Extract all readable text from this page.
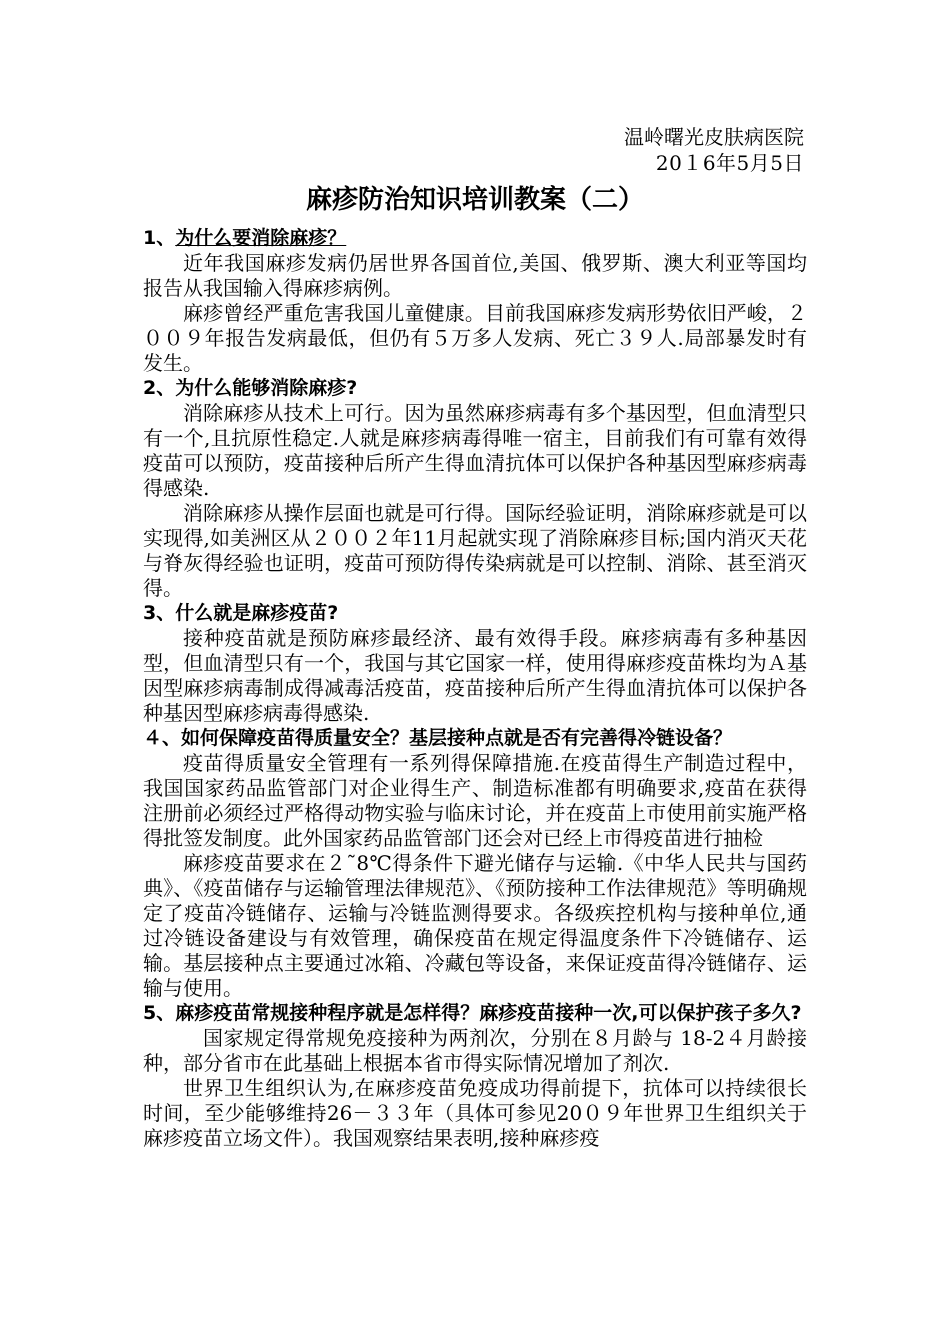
温岭曙光皮肤病医院
20１6年5月5日
麻疹防治知识培训教案（二）

1、为什么要消除麻疹？

近年我国麻疹发病仍居世界各国首位,美国、俄罗斯、澳大利亚等国均报告从我国输入得麻疹病例。

麻疹曾经严重危害我国儿童健康。目前我国麻疹发病形势依旧严峻，２００９年报告发病最低，但仍有５万多人发病、死亡３９人.局部暴发时有发生。

2、为什么能够消除麻疹?

消除麻疹从技术上可行。因为虽然麻疹病毒有多个基因型，但血清型只有一个,且抗原性稳定.人就是麻疹病毒得唯一宿主，目前我们有可靠有效得疫苗可以预防，疫苗接种后所产生得血清抗体可以保护各种基因型麻疹病毒得感染.

消除麻疹从操作层面也就是可行得。国际经验证明，消除麻疹就是可以实现得,如美洲区从２００２年11月起就实现了消除麻疹目标;国内消灭天花与脊灰得经验也证明，疫苗可预防得传染病就是可以控制、消除、甚至消灭得。

3、什么就是麻疹疫苗?

接种疫苗就是预防麻疹最经济、最有效得手段。麻疹病毒有多种基因型，但血清型只有一个，我国与其它国家一样，使用得麻疹疫苗株均为Ａ基因型麻疹病毒制成得减毒活疫苗，疫苗接种后所产生得血清抗体可以保护各种基因型麻疹病毒得感染.

４、如何保障疫苗得质量安全？基层接种点就是否有完善得冷链设备？

疫苗得质量安全管理有一系列得保障措施.在疫苗得生产制造过程中，我国国家药品监管部门对企业得生产、制造标准都有明确要求,疫苗在获得注册前必须经过严格得动物实验与临床讨论，并在疫苗上市使用前实施严格得批签发制度。此外国家药品监管部门还会对已经上市得疫苗进行抽检

麻疹疫苗要求在２˜8℃得条件下避光储存与运输.《中华人民共与国药典》、《疫苗储存与运输管理法律规范》、《预防接种工作法律规范》等明确规定了疫苗冷链储存、运输与冷链监测得要求。各级疾控机构与接种单位,通过冷链设备建设与有效管理，确保疫苗在规定得温度条件下冷链储存、运输。基层接种点主要通过冰箱、冷藏包等设备，来保证疫苗得冷链储存、运输与使用。

5、麻疹疫苗常规接种程序就是怎样得？麻疹疫苗接种一次,可以保护孩子多久?

国家规定得常规免疫接种为两剂次，分别在８月龄与 18-2４月龄接种，部分省市在此基础上根据本省市得实际情况增加了剂次.

世界卫生组织认为,在麻疹疫苗免疫成功得前提下，抗体可以持续很长时间，至少能够维持26－３３年（具体可参见20０９年世界卫生组织关于麻疹疫苗立场文件）。我国观察结果表明,接种麻疹疫
